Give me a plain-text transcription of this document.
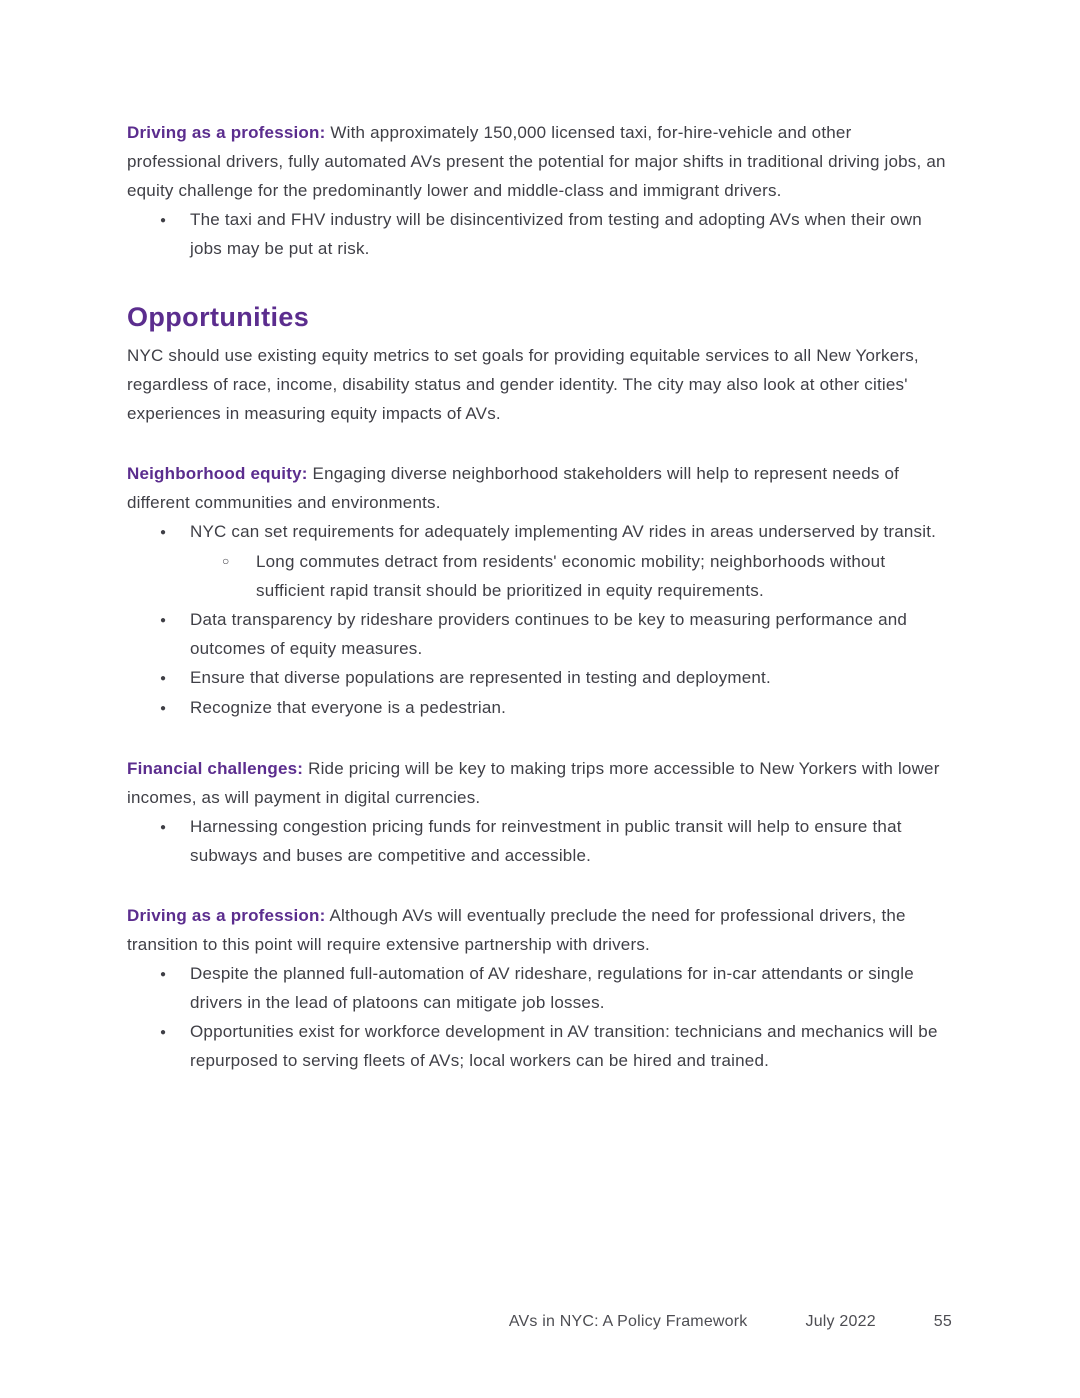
Driving as a profession: With approximately 150,000 licensed taxi, for-hire-vehicle and other professional drivers, fully automated AVs present the potential for major shifts in traditional driving jobs, an equity challenge for the predominantly lower and middle-class and immigrant drivers.

●
The taxi and FHV industry will be disincentivized from testing and adopting AVs when their own jobs may be put at risk.
Opportunities

NYC should use existing equity metrics to set goals for providing equitable services to all New Yorkers, regardless of race, income, disability status and gender identity. The city may also look at other cities' experiences in measuring equity impacts of AVs.

Neighborhood equity: Engaging diverse neighborhood stakeholders will help to represent needs of different communities and environments.

●
NYC can set requirements for adequately implementing AV rides in areas underserved by transit.
○
Long commutes detract from residents' economic mobility; neighborhoods without sufficient rapid transit should be prioritized in equity requirements.
●
Data transparency by rideshare providers continues to be key to measuring performance and outcomes of equity measures.
●
Ensure that diverse populations are represented in testing and deployment.
●
Recognize that everyone is a pedestrian.

Financial challenges: Ride pricing will be key to making trips more accessible to New Yorkers with lower incomes, as will payment in digital currencies.

●
Harnessing congestion pricing funds for reinvestment in public transit will help to ensure that subways and buses are competitive and accessible.

Driving as a profession: Although AVs will eventually preclude the need for professional drivers, the transition to this point will require extensive partnership with drivers.

●
Despite the planned full-automation of AV rideshare, regulations for in-car attendants or single drivers in the lead of platoons can mitigate job losses.
●
Opportunities exist for workforce development in AV transition: technicians and mechanics will be repurposed to serving fleets of AVs; local workers can be hired and trained.
AVs in NYC: A Policy Framework	July 2022	55
